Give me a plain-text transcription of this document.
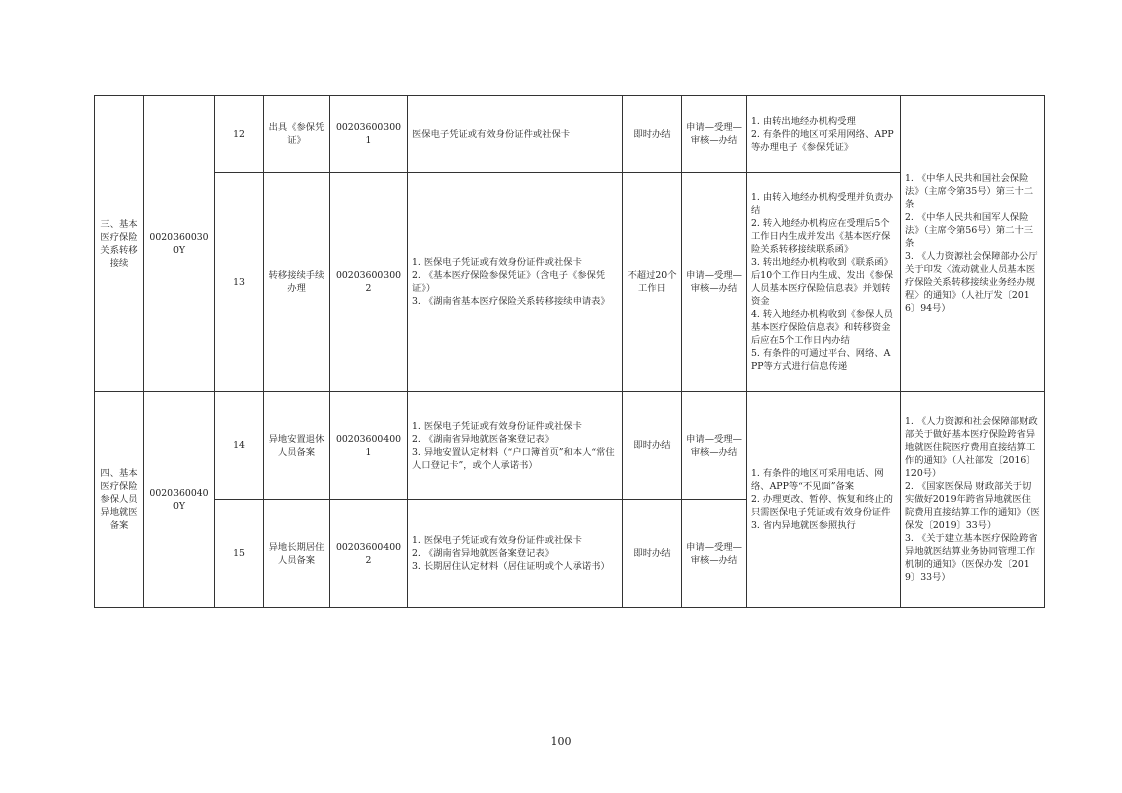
三、基本医疗保险关系转移接续	00203600300Y	12	出具《参保凭证》	002036003001	医保电子凭证或有效身份证件或社保卡	即时办结	申请—受理—审核—办结	1. 由转出地经办机构受理
2. 有条件的地区可采用网络、APP等办理电子《参保凭证》	1. 《中华人民共和国社会保险法》（主席令第35号）第三十二条
2. 《中华人民共和国军人保险法》（主席令第56号）第二十三条
3. 《人力资源社会保障部办公厅关于印发〈流动就业人员基本医疗保险关系转移接续业务经办规程〉的通知》（人社厅发〔2016〕94号）
		13	转移接续手续办理	002036003002	1. 医保电子凭证或有效身份证件或社保卡
2. 《基本医疗保险参保凭证》（含电子《参保凭证》）
3. 《湖南省基本医疗保险关系转移接续申请表》	不超过20个工作日	申请—受理—审核—办结	1. 由转入地经办机构受理并负责办结
2. 转入地经办机构应在受理后5个工作日内生成并发出《基本医疗保险关系转移接续联系函》
3. 转出地经办机构收到《联系函》后10个工作日内生成、发出《参保人员基本医疗保险信息表》并划转资金
4. 转入地经办机构收到《参保人员基本医疗保险信息表》和转移资金后应在5个工作日内办结
5. 有条件的可通过平台、网络、APP等方式进行信息传递	
四、基本医疗保险参保人员异地就医备案	00203600400Y	14	异地安置退休人员备案	002036004001	1. 医保电子凭证或有效身份证件或社保卡
2. 《湖南省异地就医备案登记表》
3. 异地安置认定材料（“户口簿首页”和本人“常住人口登记卡”，或个人承诺书）	即时办结	申请—受理—审核—办结	1. 有条件的地区可采用电话、网络、APP等“不见面”备案
2. 办理更改、暂停、恢复和终止的只需医保电子凭证或有效身份证件
3. 省内异地就医参照执行	1. 《人力资源和社会保障部财政部关于做好基本医疗保险跨省异地就医住院医疗费用直接结算工作的通知》（人社部发〔2016〕120号）
2. 《国家医保局 财政部关于切实做好2019年跨省异地就医住院费用直接结算工作的通知》（医保发〔2019〕33号）
3. 《关于建立基本医疗保险跨省异地就医结算业务协同管理工作机制的通知》（医保办发〔2019〕33号）
		15	异地长期居住人员备案	002036004002	1. 医保电子凭证或有效身份证件或社保卡
2. 《湖南省异地就医备案登记表》
3. 长期居住认定材料（居住证明或个人承诺书）	即时办结	申请—受理—审核—办结		
100
